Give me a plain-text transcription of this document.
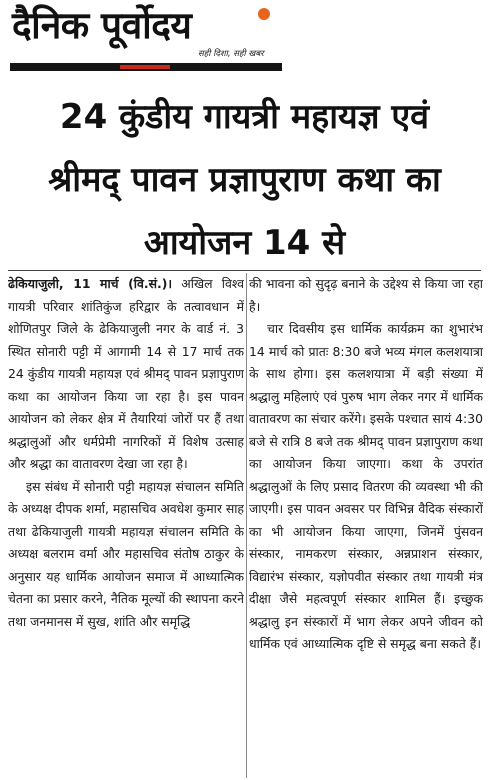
दैनिक पूर्वोदय
सही दिशा, सही खबर
24 कुंडीय गायत्री महायज्ञ एवं
श्रीमद् पावन प्रज्ञापुराण कथा का
आयोजन 14 से

ढेकियाजुली, 11 मार्च (वि.सं.)। अखिल विश्व गायत्री परिवार शांतिकुंज हरिद्वार के तत्वावधान में शोणितपुर जिले के ढेकियाजुली नगर के वार्ड नं. 3 स्थित सोनारी पट्टी में आगामी 14 से 17 मार्च तक 24 कुंडीय गायत्री महायज्ञ एवं श्रीमद् पावन प्रज्ञापुराण कथा का आयोजन किया जा रहा है। इस पावन आयोजन को लेकर क्षेत्र में तैयारियां जोरों पर हैं तथा श्रद्धालुओं और धर्मप्रेमी नागरिकों में विशेष उत्साह और श्रद्धा का वातावरण देखा जा रहा है।

इस संबंध में सोनारी पट्टी महायज्ञ संचालन समिति के अध्यक्ष दीपक शर्मा, महासचिव अवधेश कुमार साह तथा ढेकियाजुली गायत्री महायज्ञ संचालन समिति के अध्यक्ष बलराम वर्मा और महासचिव संतोष ठाकुर के अनुसार यह धार्मिक आयोजन समाज में आध्यात्मिक चेतना का प्रसार करने, नैतिक मूल्यों की स्थापना करने तथा जनमानस में सुख, शांति और समृद्धि

की भावना को सुदृढ़ बनाने के उद्देश्य से किया जा रहा है।

चार दिवसीय इस धार्मिक कार्यक्रम का शुभारंभ 14 मार्च को प्रातः 8:30 बजे भव्य मंगल कलशयात्रा के साथ होगा। इस कलशयात्रा में बड़ी संख्या में श्रद्धालु महिलाएं एवं पुरुष भाग लेकर नगर में धार्मिक वातावरण का संचार करेंगे। इसके पश्चात सायं 4:30 बजे से रात्रि 8 बजे तक श्रीमद् पावन प्रज्ञापुराण कथा का आयोजन किया जाएगा। कथा के उपरांत श्रद्धालुओं के लिए प्रसाद वितरण की व्यवस्था भी की जाएगी। इस पावन अवसर पर विभिन्न वैदिक संस्कारों का भी आयोजन किया जाएगा, जिनमें पुंसवन संस्कार, नामकरण संस्कार, अन्नप्राशन संस्कार, विद्यारंभ संस्कार, यज्ञोपवीत संस्कार तथा गायत्री मंत्र दीक्षा जैसे महत्वपूर्ण संस्कार शामिल हैं। इच्छुक श्रद्धालु इन संस्कारों में भाग लेकर अपने जीवन को धार्मिक एवं आध्यात्मिक दृष्टि से समृद्ध बना सकते हैं।
